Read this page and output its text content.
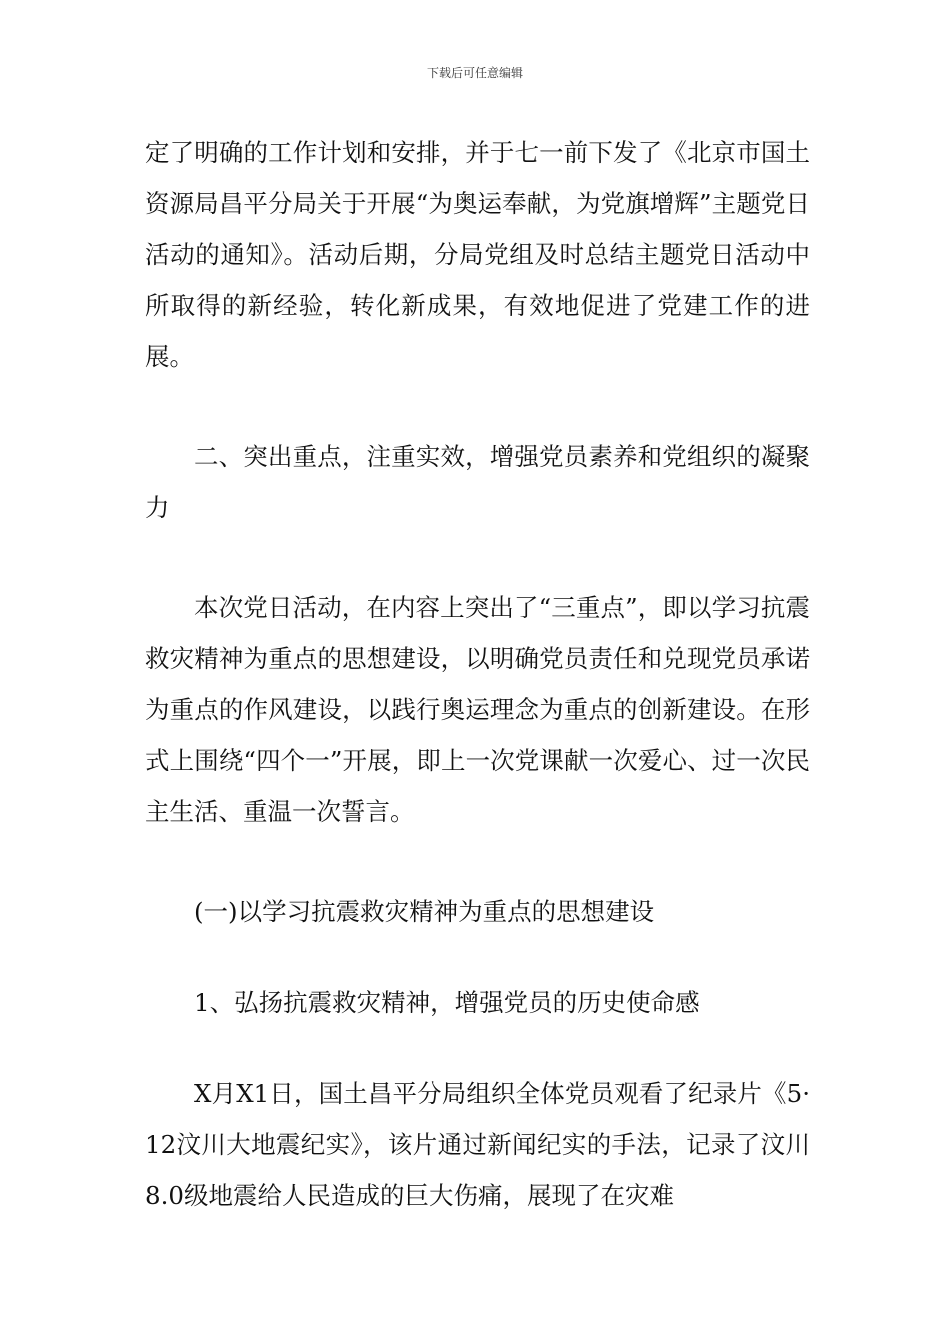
下载后可任意编辑

定了明确的工作计划和安排，并于七一前下发了《北京市国土资源局昌平分局关于开展“为奥运奉献，为党旗增辉”主题党日活动的通知》。活动后期，分局党组及时总结主题党日活动中所取得的新经验，转化新成果，有效地促进了党建工作的进展。

二、突出重点，注重实效，增强党员素养和党组织的凝聚力

本次党日活动，在内容上突出了“三重点”，即以学习抗震救灾精神为重点的思想建设，以明确党员责任和兑现党员承诺为重点的作风建设，以践行奥运理念为重点的创新建设。在形式上围绕“四个一”开展，即上一次党课献一次爱心、过一次民主生活、重温一次誓言。

(一)以学习抗震救灾精神为重点的思想建设

1、弘扬抗震救灾精神，增强党员的历史使命感

X月X1日，国土昌平分局组织全体党员观看了纪录片《5·12汶川大地震纪实》，该片通过新闻纪实的手法，记录了汶川8.0级地震给人民造成的巨大伤痛，展现了在灾难
